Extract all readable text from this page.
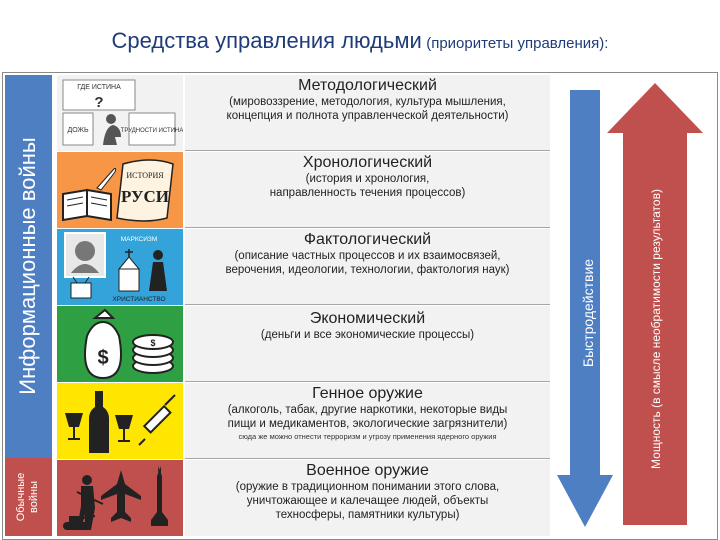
Средства управления людьми (приоритеты управления):
Информационные войны
Обычные войны
ГДЕ ИСТИНА
?
ДОЖЬ	ТРУДНОСТИ ИСТИНА
Методологический
(мировоззрение, методология, культура мышления,
концепция и полнота управленческой деятельности)
ИСТОРИЯ
РУСИ
Хронологический
(история и хронология,
направленность течения процессов)
МАРКСИЗМ
ХРИСТИАНСТВО
Фактологический
(описание частных процессов и их взаимосвязей,
верочения, идеологии, технологии, фактология наук)
$
$
Экономический
(деньги и все экономические процессы)
Генное оружие
(алкоголь, табак, другие наркотики, некоторые виды
пищи и медикаментов, экологические загрязнители)
сюда же можно отнести терроризм и угрозу применения ядерного оружия
Военное оружие
(оружие в традиционном понимании этого слова,
уничтожающее и калечащее людей, объекты
техносферы, памятники культуры)
Быстродействие	Мощность (в смысле необратимости результатов)
